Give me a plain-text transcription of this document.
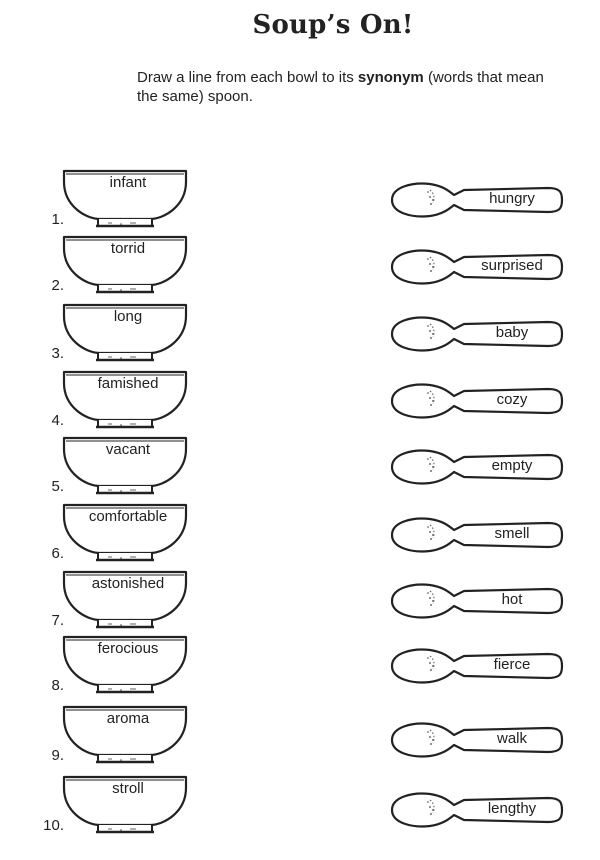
Soup’s On!
Draw a line from each bowl to its synonym (words that mean the same) spoon.
1.
infant
2.
torrid
3.
long
4.
famished
5.
vacant
6.
comfortable
7.
astonished
8.
ferocious
9.
aroma
10.
stroll
hungry
surprised
baby
cozy
empty
smell
hot
fierce
walk
lengthy
